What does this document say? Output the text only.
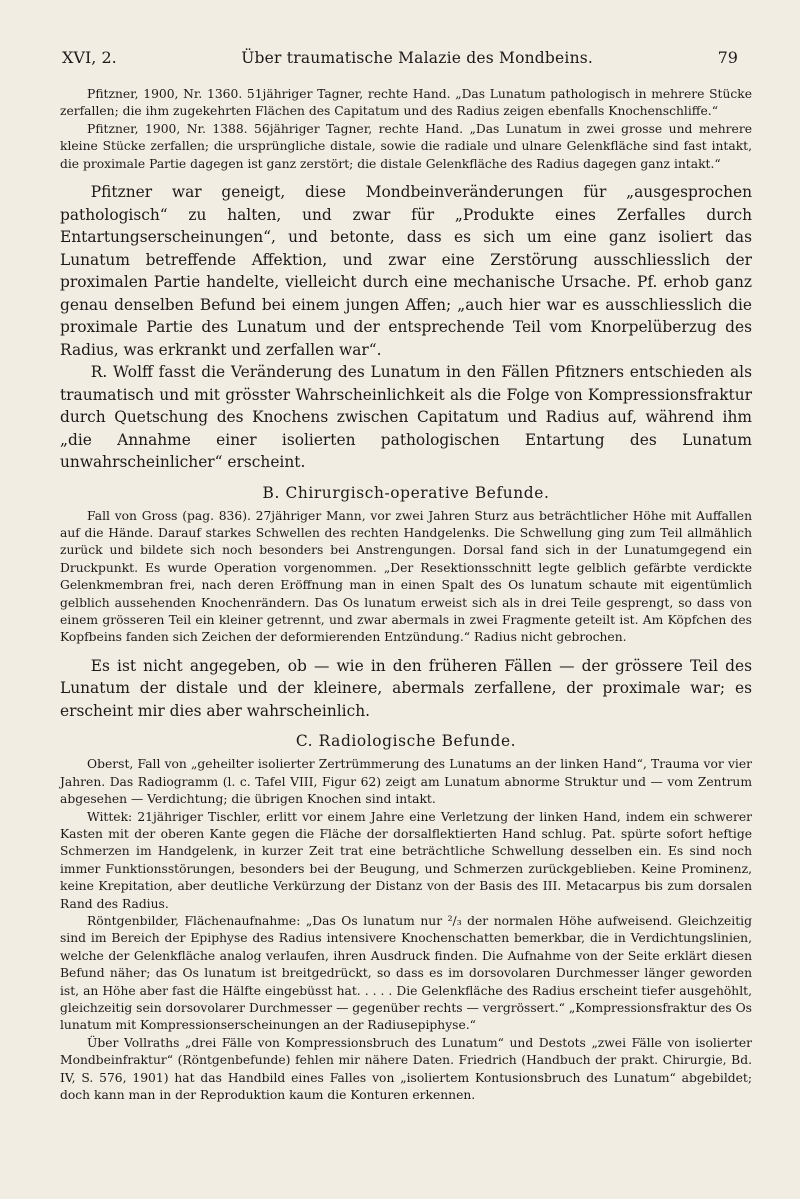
XVI, 2.	Über traumatische Malazie des Mondbeins.	79

Pfitzner, 1900, Nr. 1360. 51jähriger Tagner, rechte Hand. „Das Lunatum pathologisch in mehrere Stücke zerfallen; die ihm zugekehrten Flächen des Capitatum und des Radius zeigen ebenfalls Knochenschliffe.“

Pfitzner, 1900, Nr. 1388. 56jähriger Tagner, rechte Hand. „Das Lunatum in zwei grosse und mehrere kleine Stücke zerfallen; die ursprüngliche distale, sowie die radiale und ulnare Gelenkfläche sind fast intakt, die proximale Partie dagegen ist ganz zerstört; die distale Gelenkfläche des Radius dagegen ganz intakt.“

Pfitzner war geneigt, diese Mondbeinveränderungen für „ausgesprochen pathologisch“ zu halten, und zwar für „Produkte eines Zerfalles durch Entartungserscheinungen“, und betonte, dass es sich um eine ganz isoliert das Lunatum betreffende Affektion, und zwar eine Zerstörung ausschliesslich der proximalen Partie handelte, vielleicht durch eine mechanische Ursache. Pf. erhob ganz genau denselben Befund bei einem jungen Affen; „auch hier war es ausschliesslich die proximale Partie des Lunatum und der entsprechende Teil vom Knorpelüberzug des Radius, was erkrankt und zerfallen war“.

R. Wolff fasst die Veränderung des Lunatum in den Fällen Pfitzners entschieden als traumatisch und mit grösster Wahrscheinlichkeit als die Folge von Kompressionsfraktur durch Quetschung des Knochens zwischen Capitatum und Radius auf, während ihm „die Annahme einer isolierten pathologischen Entartung des Lunatum unwahrscheinlicher“ erscheint.

B. Chirurgisch-operative Befunde.

Fall von Gross (pag. 836). 27jähriger Mann, vor zwei Jahren Sturz aus beträchtlicher Höhe mit Auffallen auf die Hände. Darauf starkes Schwellen des rechten Handgelenks. Die Schwellung ging zum Teil allmählich zurück und bildete sich noch besonders bei Anstrengungen. Dorsal fand sich in der Lunatumgegend ein Druckpunkt. Es wurde Operation vorgenommen. „Der Resektionsschnitt legte gelblich gefärbte verdickte Gelenkmembran frei, nach deren Eröffnung man in einen Spalt des Os lunatum schaute mit eigentümlich gelblich aussehenden Knochenrändern. Das Os lunatum erweist sich als in drei Teile gesprengt, so dass von einem grösseren Teil ein kleiner getrennt, und zwar abermals in zwei Fragmente geteilt ist. Am Köpfchen des Kopfbeins fanden sich Zeichen der deformierenden Entzündung.“ Radius nicht gebrochen.

Es ist nicht angegeben, ob — wie in den früheren Fällen — der grössere Teil des Lunatum der distale und der kleinere, abermals zerfallene, der proximale war; es erscheint mir dies aber wahrscheinlich.

C. Radiologische Befunde.

Oberst, Fall von „geheilter isolierter Zertrümmerung des Lunatums an der linken Hand“, Trauma vor vier Jahren. Das Radiogramm (l. c. Tafel VIII, Figur 62) zeigt am Lunatum abnorme Struktur und — vom Zentrum abgesehen — Verdichtung; die übrigen Knochen sind intakt.

Wittek: 21jähriger Tischler, erlitt vor einem Jahre eine Verletzung der linken Hand, indem ein schwerer Kasten mit der oberen Kante gegen die Fläche der dorsalflektierten Hand schlug. Pat. spürte sofort heftige Schmerzen im Handgelenk, in kurzer Zeit trat eine beträchtliche Schwellung desselben ein. Es sind noch immer Funktionsstörungen, besonders bei der Beugung, und Schmerzen zurückgeblieben. Keine Prominenz, keine Krepitation, aber deutliche Verkürzung der Distanz von der Basis des III. Metacarpus bis zum dorsalen Rand des Radius.

Röntgenbilder, Flächenaufnahme: „Das Os lunatum nur ²/₃ der normalen Höhe aufweisend. Gleichzeitig sind im Bereich der Epiphyse des Radius intensivere Knochenschatten bemerkbar, die in Verdichtungslinien, welche der Gelenkfläche analog verlaufen, ihren Ausdruck finden. Die Aufnahme von der Seite erklärt diesen Befund näher; das Os lunatum ist breitgedrückt, so dass es im dorsovolaren Durchmesser länger geworden ist, an Höhe aber fast die Hälfte eingebüsst hat. . . . . Die Gelenkfläche des Radius erscheint tiefer ausgehöhlt, gleichzeitig sein dorsovolarer Durchmesser — gegenüber rechts — vergrössert.“ „Kompressionsfraktur des Os lunatum mit Kompressionserscheinungen an der Radiusepiphyse.“

Über Vollraths „drei Fälle von Kompressionsbruch des Lunatum“ und Destots „zwei Fälle von isolierter Mondbeinfraktur“ (Röntgenbefunde) fehlen mir nähere Daten. Friedrich (Handbuch der prakt. Chirurgie, Bd. IV, S. 576, 1901) hat das Handbild eines Falles von „isoliertem Kontusionsbruch des Lunatum“ abgebildet; doch kann man in der Reproduktion kaum die Konturen erkennen.
